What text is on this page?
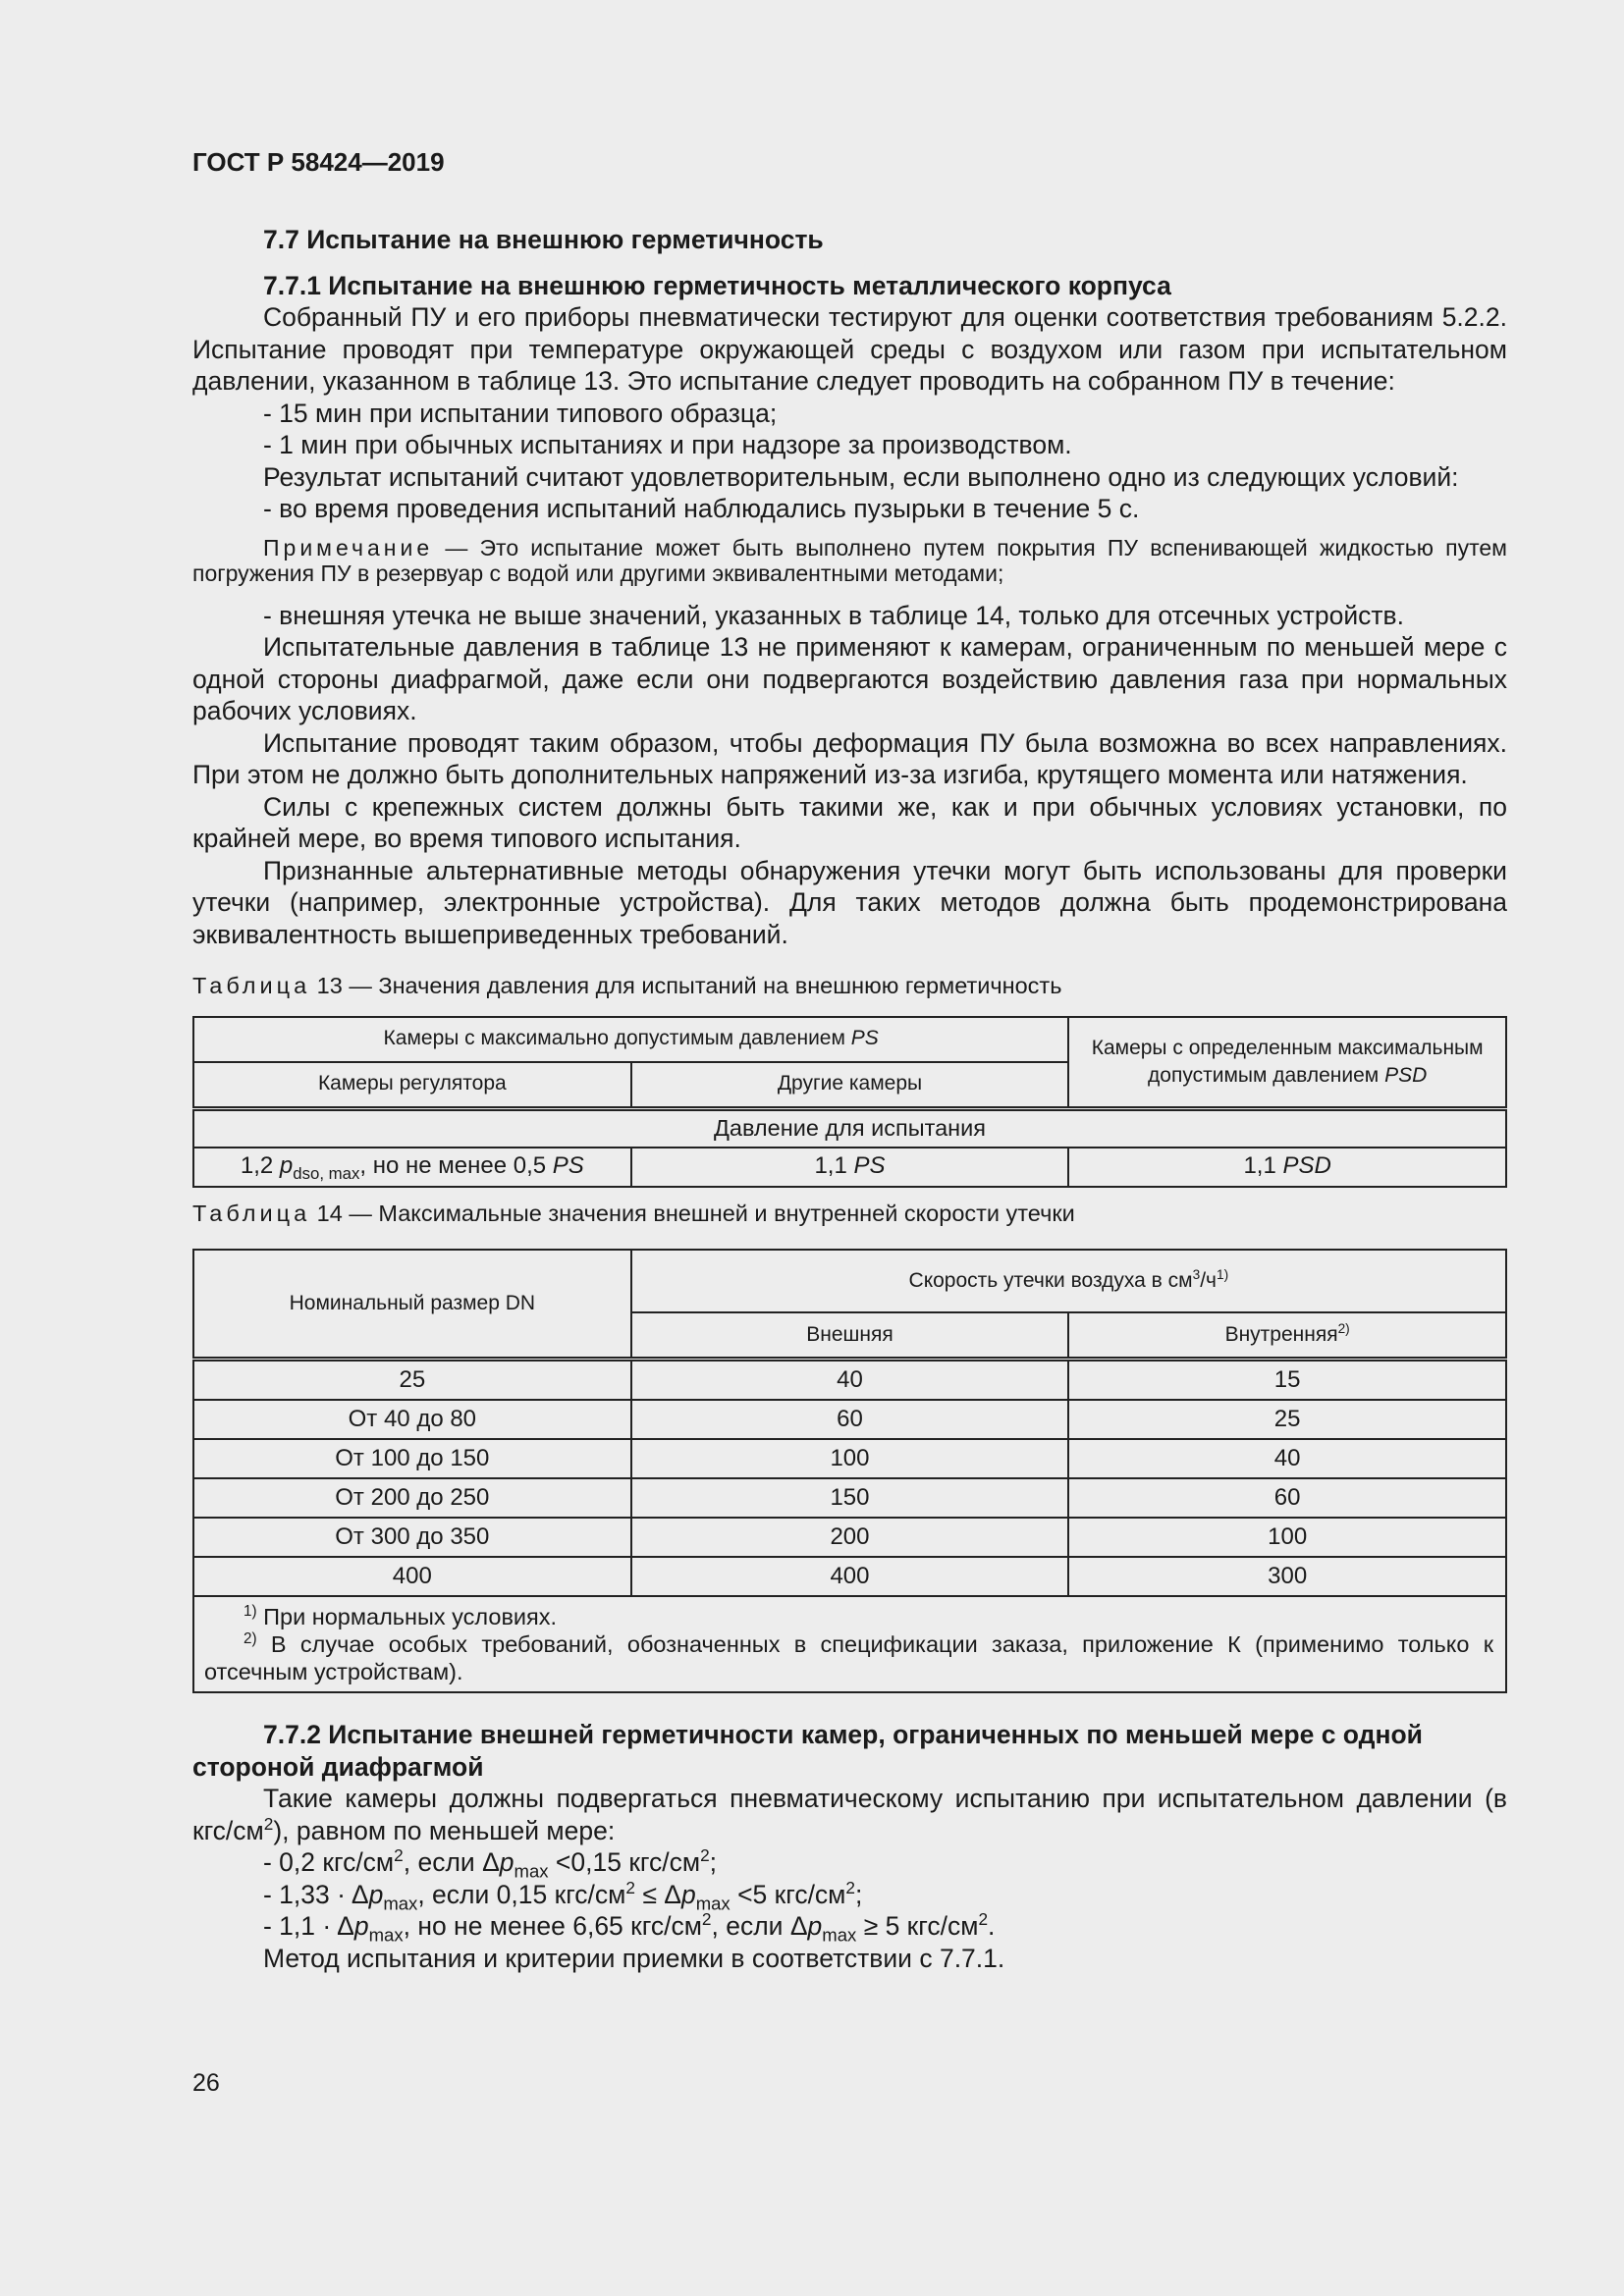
ГОСТ Р 58424—2019
7.7 Испытание на внешнюю герметичность
7.7.1 Испытание на внешнюю герметичность металлического корпуса
Собранный ПУ и его приборы пневматически тестируют для оценки соответствия требованиям 5.2.2. Испытание проводят при температуре окружающей среды с воздухом или газом при испытательном давлении, указанном в таблице 13. Это испытание следует проводить на собранном ПУ в течение:
- 15 мин при испытании типового образца;
- 1 мин при обычных испытаниях и при надзоре за производством.
Результат испытаний считают удовлетворительным, если выполнено одно из следующих условий:
- во время проведения испытаний наблюдались пузырьки в течение 5 с.
Примечание — Это испытание может быть выполнено путем покрытия ПУ вспенивающей жидкостью путем погружения ПУ в резервуар с водой или другими эквивалентными методами;
- внешняя утечка не выше значений, указанных в таблице 14, только для отсечных устройств.
Испытательные давления в таблице 13 не применяют к камерам, ограниченным по меньшей мере с одной стороны диафрагмой, даже если они подвергаются воздействию давления газа при нормальных рабочих условиях.
Испытание проводят таким образом, чтобы деформация ПУ была возможна во всех направлениях. При этом не должно быть дополнительных напряжений из-за изгиба, крутящего момента или натяжения.
Силы с крепежных систем должны быть такими же, как и при обычных условиях установки, по крайней мере, во время типового испытания.
Признанные альтернативные методы обнаружения утечки могут быть использованы для проверки утечки (например, электронные устройства). Для таких методов должна быть продемонстрирована эквивалентность вышеприведенных требований.
Таблица 13 — Значения давления для испытаний на внешнюю герметичность
Камеры с максимально допустимым давлением PS		Камеры с определенным максимальным допустимым давлением PSD
Камеры регулятора	Другие камеры	
Давление для испытания		
1,2 $p_{dso, max}$, но не менее 0,5 PS	1,1 PS	1,1 PSD
Таблица 14 — Максимальные значения внешней и внутренней скорости утечки
Номинальный размер DN	Скорость утечки воздуха в $см^3/ч^{1)}$
	Внешняя	Внутренняя$^{2)}$
25	40	15
От 40 до 80	60	25
От 100 до 150	100	40
От 200 до 250	150	60
От 300 до 350	200	100
400	400	300

$^{1)}$ При нормальных условиях.
$^{2)}$ В случае особых требований, обозначенных в спецификации заказа, приложение К (применимо только к отсечным устройствам).		
7.7.2 Испытание внешней герметичности камер, ограниченных по меньшей мере с одной стороной диафрагмой
Такие камеры должны подвергаться пневматическому испытанию при испытательном давлении (в кгс/$см^2$), равном по меньшей мере:
- 0,2 кгс/$см^2$, если $\Delta p_{max} <0,15$ кгс/$см^2$;
- $1,33 \cdot \Delta p_{max}$, если 0,15 кгс/$см^2 \le \Delta p_{max} <5$ кгс/$см^2$;
- $1,1 \cdot \Delta p_{max}$, но не менее 6,65 кгс/$см^2$, если $\Delta p_{max} \ge 5$ кгс/$см^2$.
Метод испытания и критерии приемки в соответствии с 7.7.1.
26
